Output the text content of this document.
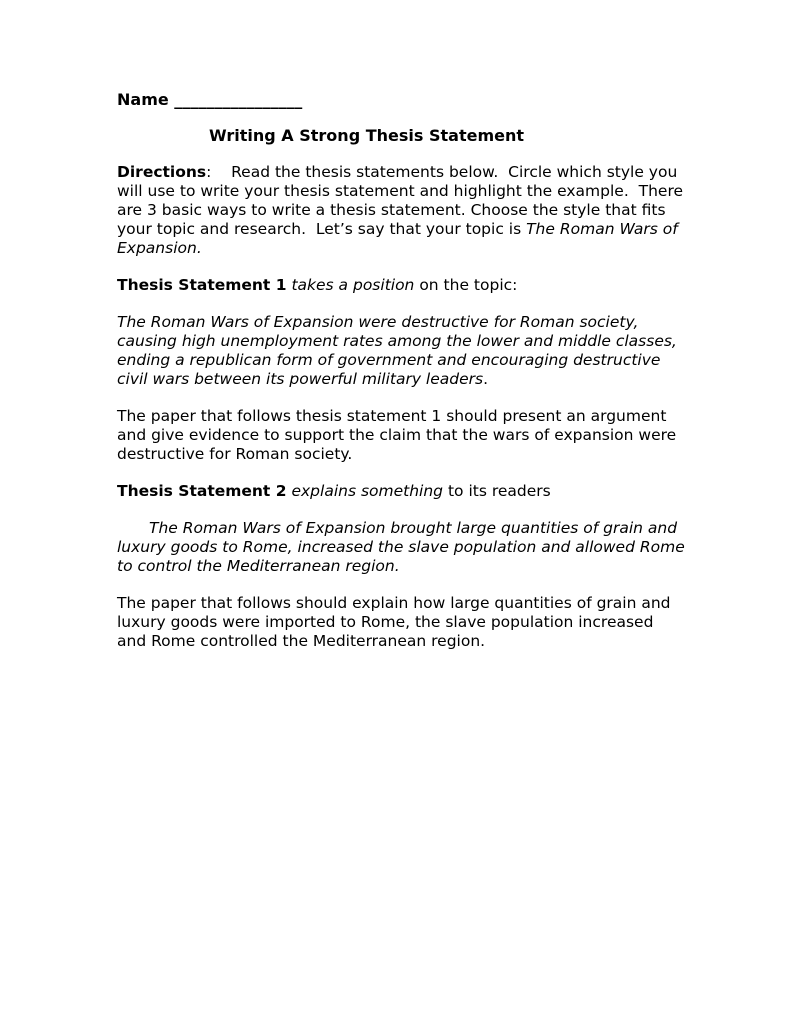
Name ________________

Writing A Strong Thesis Statement

Directions:    Read the thesis statements below.  Circle which style you will use to write your thesis statement and highlight the example.  There are 3 basic ways to write a thesis statement. Choose the style that fits your topic and research.  Let’s say that your topic is The Roman Wars of Expansion.

Thesis Statement 1 takes a position on the topic:

The Roman Wars of Expansion were destructive for Roman society, causing high unemployment rates among the lower and middle classes, ending a republican form of government and encouraging destructive civil wars between its powerful military leaders.

The paper that follows thesis statement 1 should present an argument and give evidence to support the claim that the wars of expansion were destructive for Roman society.

Thesis Statement 2 explains something to its readers

The Roman Wars of Expansion brought large quantities of grain and luxury goods to Rome, increased the slave population and allowed Rome to control the Mediterranean region.

The paper that follows should explain how large quantities of grain and luxury goods were imported to Rome, the slave population increased and Rome controlled the Mediterranean region.
